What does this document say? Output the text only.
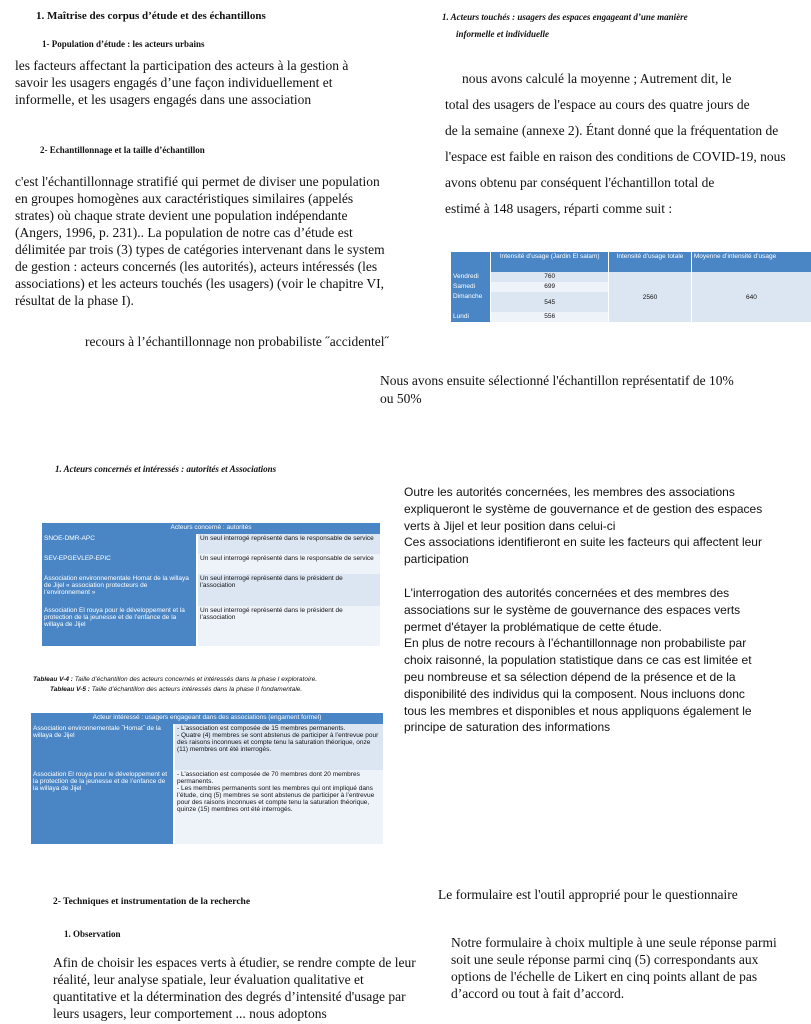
1. Maîtrise des corpus d’étude et des échantillons
1- Population d’étude : les acteurs urbains
les facteurs affectant la participation des acteurs à la gestion à savoir les usagers engagés d’une façon individuellement et informelle, et les usagers engagés dans une association
2- Echantillonnage et la taille d’échantillon
c'est l'échantillonnage stratifié qui permet de diviser une population en groupes homogènes aux caractéristiques similaires (appelés strates) où chaque strate devient une population indépendante (Angers, 1996, p. 231).. La population de notre cas d’étude est délimitée par trois (3) types de catégories intervenant dans le system de gestion : acteurs concernés (les autorités), acteurs intéressés (les associations) et les acteurs touchés (les usagers) (voir le chapitre VI, résultat de la phase I).
recours à l’échantillonnage non probabiliste ˝accidentel˝
1. Acteurs touchés : usagers des espaces engageant d’une manière
informelle et individuelle
nous avons calculé la moyenne ; Autrement dit, le
total des usagers de l'espace au cours des quatre jours de
de la semaine (annexe 2). Étant donné que la fréquentation de
l'espace est faible en raison des conditions de COVID-19, nous
avons obtenu par conséquent l'échantillon total de
estimé à 148 usagers, réparti comme suit :
	Intensité d’usage (Jardin El salam)	Intensité d’usage totale	Moyenne d’intensité d’usage
Vendredi	760	2560	640
Samedi	699		
Dimanche	545		
Lundi	556		
Nous avons ensuite sélectionné l'échantillon représentatif de 10% ou 50%
1. Acteurs concernés et intéressés : autorités et Associations
Acteurs concerné : autorités	
SNOE-DMR-APC	Un seul interrogé représenté dans le responsable de service
SEV-EPGEVLEP-EPIC	Un seul interrogé représenté dans le responsable de service
Association environnementale Homat de la willaya de Jijel « association protecteurs de l’environnement »	Un seul interrogé représenté dans le président de l’association
Association El rouya pour le développement et la protection de la jeunesse et de l’enfance de la willaya de Jijel	Un seul interrogé représenté dans le président de l’association
Tableau V-4 : Taille d’échantillon des acteurs concernés et intéressés dans la phase I exploratoire.
Tableau V-5 : Taille d’échantillon des acteurs intéressés dans la phase II fondamentale.
Acteur intéressé : usagers engageant dans des associations (engament formel)	
Association environnementale ˝Homat˝ de la willaya de Jijel	- L’association est composée de 15 membres permanents.
- Quatre (4) membres se sont abstenus de participer à l’entrevue pour des raisons inconnues et compte tenu la saturation théorique, onze (11) membres ont été interrogés.
Association El rouya pour le développement et la protection de la jeunesse et de l’enfance de la willaya de Jijel	- L’association est composée de 70 membres dont 20 membres permanents.
- Les membres permanents sont les membres qui ont impliqué dans l’étude, cinq (5) membres se sont abstenus de participer à l’entrevue pour des raisons inconnues et compte tenu la saturation théorique, quinze (15) membres ont été interrogés.
Outre les autorités concernées, les membres des associations expliqueront le système de gouvernance et de gestion des espaces verts à Jijel et leur position dans celui-ci
Ces associations identifieront en suite les facteurs qui affectent leur participation
L'interrogation des autorités concernées et des membres des associations sur le système de gouvernance des espaces verts permet d'étayer la problématique de cette étude.
En plus de notre recours à l’échantillonnage non probabiliste par choix raisonné, la population statistique dans ce cas est limitée et peu nombreuse et sa sélection dépend de la présence et de la disponibilité des individus qui la composent. Nous incluons donc tous les membres et disponibles et nous appliquons également le principe de saturation des informations
2- Techniques et instrumentation de la recherche
1. Observation
Afin de choisir les espaces verts à étudier, se rendre compte de leur réalité, leur analyse spatiale, leur évaluation qualitative et quantitative et la détermination des degrés d’intensité d'usage par leurs usagers, leur comportement ... nous adoptons
Le formulaire est l'outil approprié pour le questionnaire
Notre formulaire à choix multiple à une seule réponse parmi soit une seule réponse parmi cinq (5) correspondants aux options de l'échelle de Likert en cinq points allant de pas d’accord ou tout à fait d’accord.
